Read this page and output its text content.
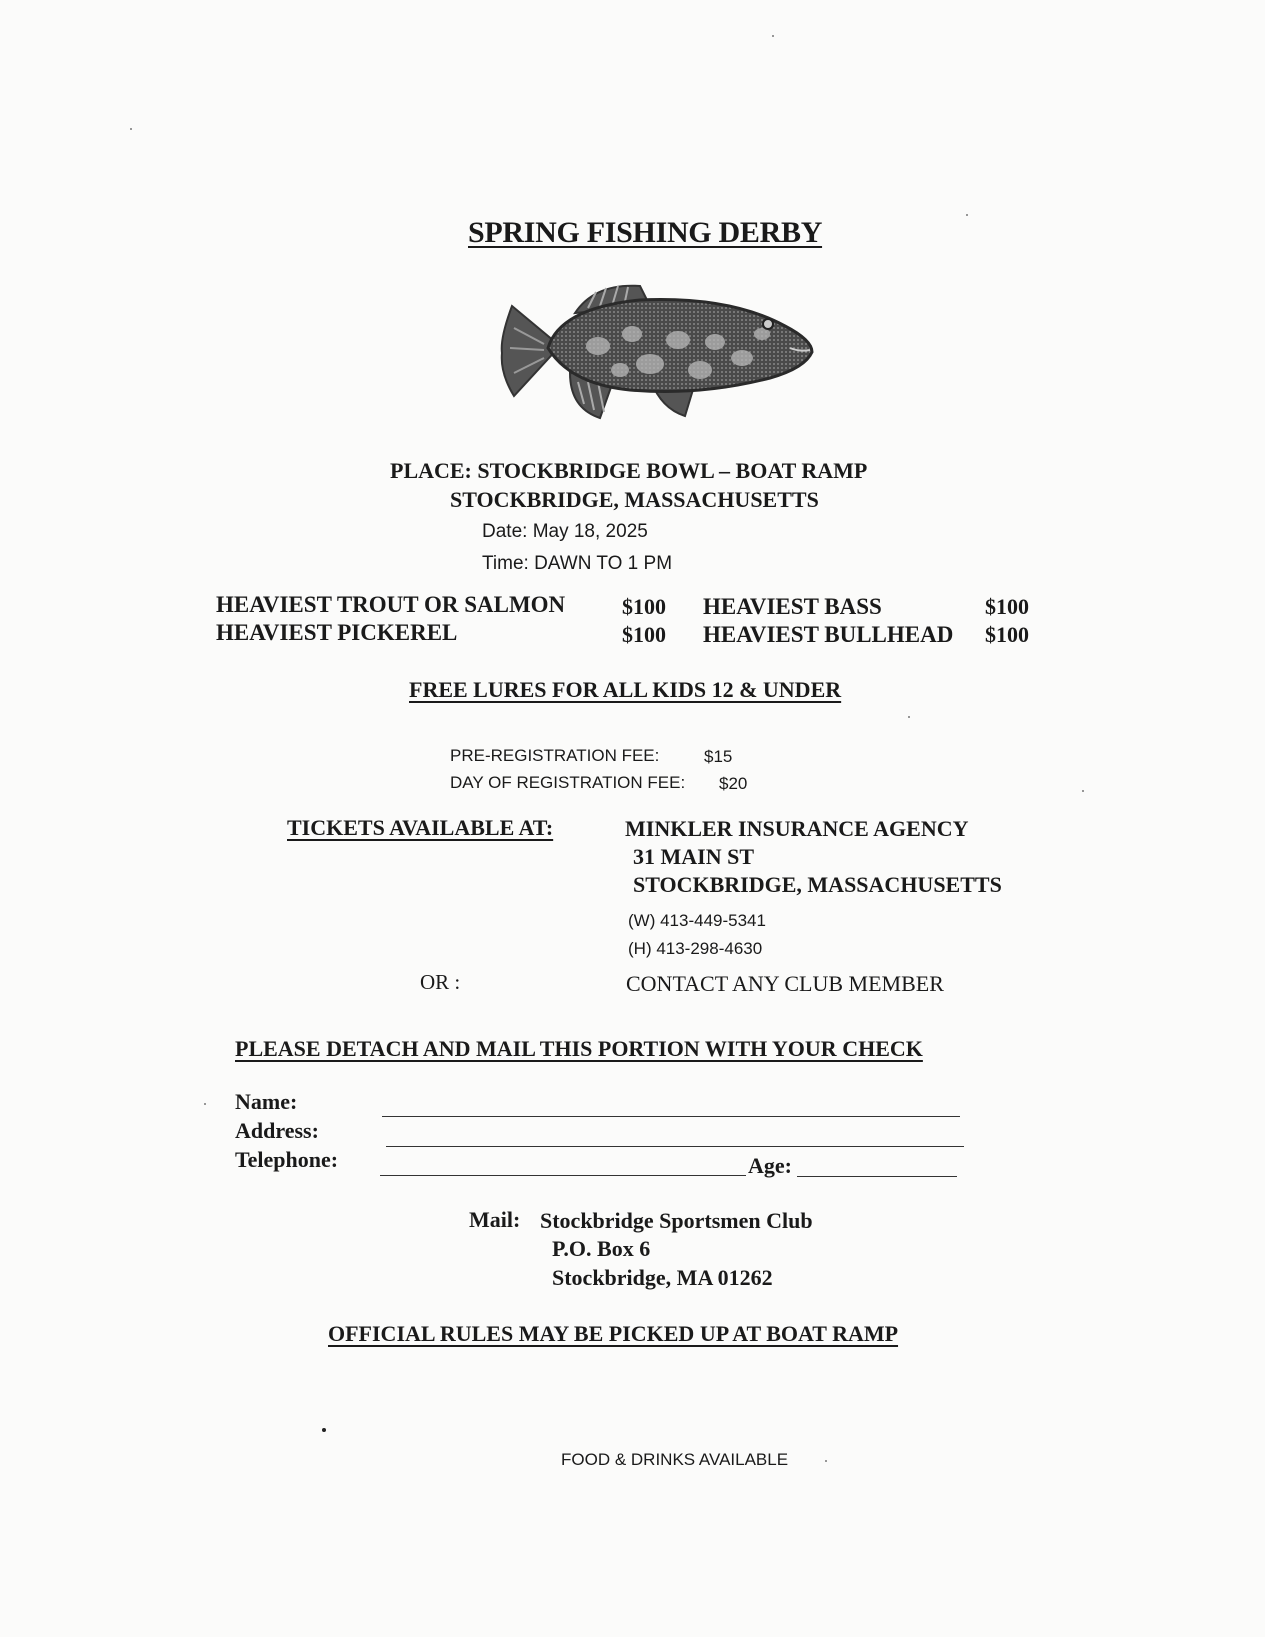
SPRING FISHING DERBY
PLACE: STOCKBRIDGE BOWL – BOAT RAMP
STOCKBRIDGE, MASSACHUSETTS
Date: May 18, 2025
Time: DAWN TO 1 PM
HEAVIEST TROUT OR SALMON	$100 HEAVIEST BASS	$100
HEAVIEST PICKEREL	$100 HEAVIEST BULLHEAD $100
FREE LURES FOR ALL KIDS 12 & UNDER
PRE-REGISTRATION FEE:	$15
DAY OF REGISTRATION FEE: $20
TICKETS AVAILABLE AT:	MINKLER INSURANCE AGENCY
31 MAIN ST
STOCKBRIDGE, MASSACHUSETTS
(W) 413-449-5341
(H) 413-298-4630
OR :	CONTACT ANY CLUB MEMBER
PLEASE DETACH AND MAIL THIS PORTION WITH YOUR CHECK
Name:
Address:
Telephone:	Age:
Mail: Stockbridge Sportsmen Club
P.O. Box 6
Stockbridge, MA 01262
OFFICIAL RULES MAY BE PICKED UP AT BOAT RAMP
FOOD & DRINKS AVAILABLE
